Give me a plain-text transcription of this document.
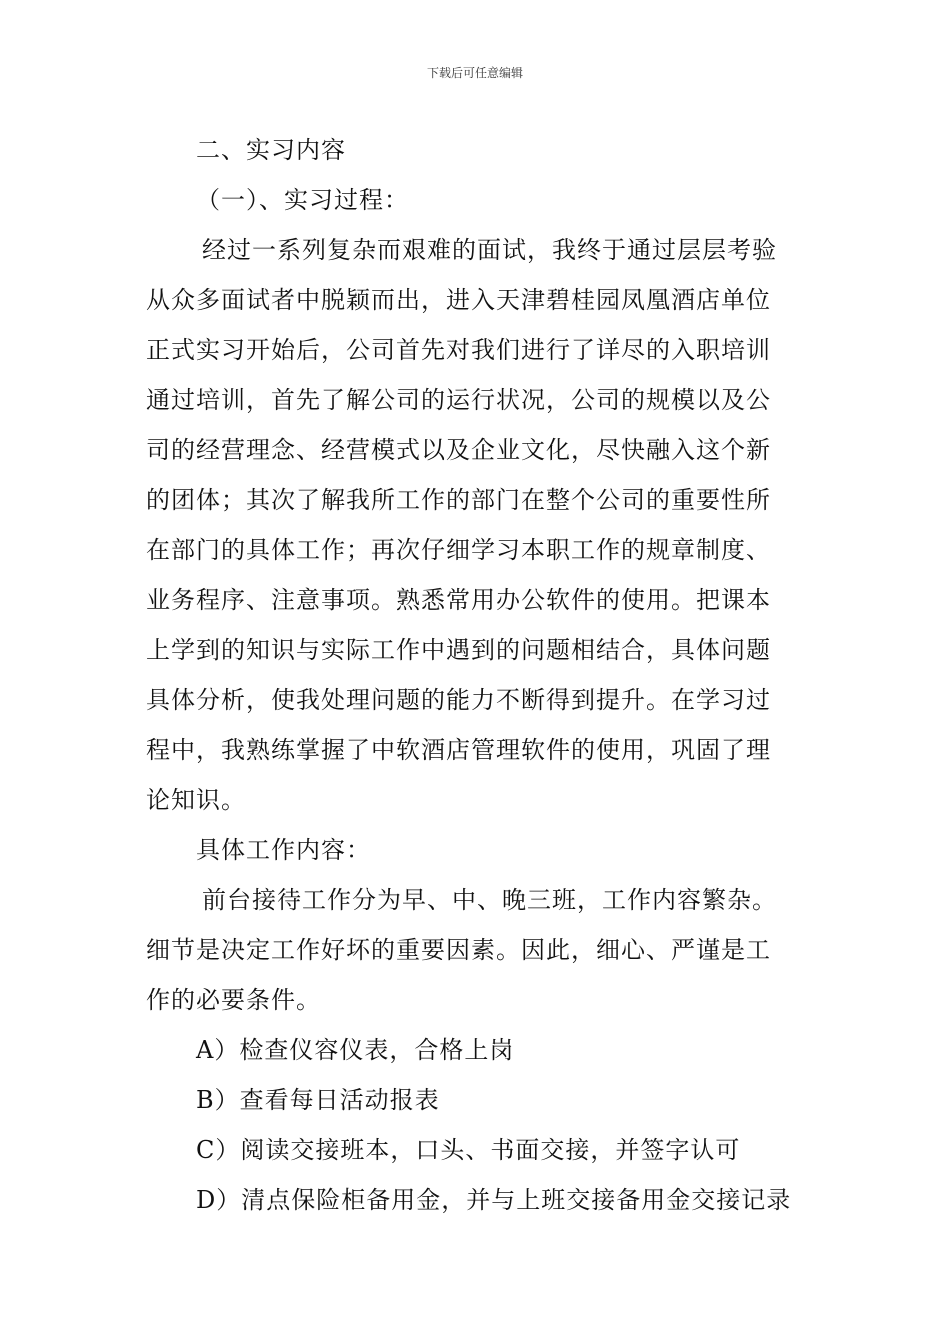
下载后可任意编辑
二、实习内容
（一）、实习过程：
经过一系列复杂而艰难的面试，我终于通过层层考验
从众多面试者中脱颖而出，进入天津碧桂园凤凰酒店单位
正式实习开始后，公司首先对我们进行了详尽的入职培训
通过培训，首先了解公司的运行状况，公司的规模以及公
司的经营理念、经营模式以及企业文化，尽快融入这个新
的团体；其次了解我所工作的部门在整个公司的重要性所
在部门的具体工作；再次仔细学习本职工作的规章制度、
业务程序、注意事项。熟悉常用办公软件的使用。把课本
上学到的知识与实际工作中遇到的问题相结合，具体问题
具体分析，使我处理问题的能力不断得到提升。在学习过
程中，我熟练掌握了中软酒店管理软件的使用，巩固了理
论知识。
具体工作内容：
前台接待工作分为早、中、晚三班，工作内容繁杂。
细节是决定工作好坏的重要因素。因此，细心、严谨是工
作的必要条件。
A）检查仪容仪表，合格上岗
B）查看每日活动报表
C）阅读交接班本，口头、书面交接，并签字认可
D）清点保险柜备用金，并与上班交接备用金交接记录
